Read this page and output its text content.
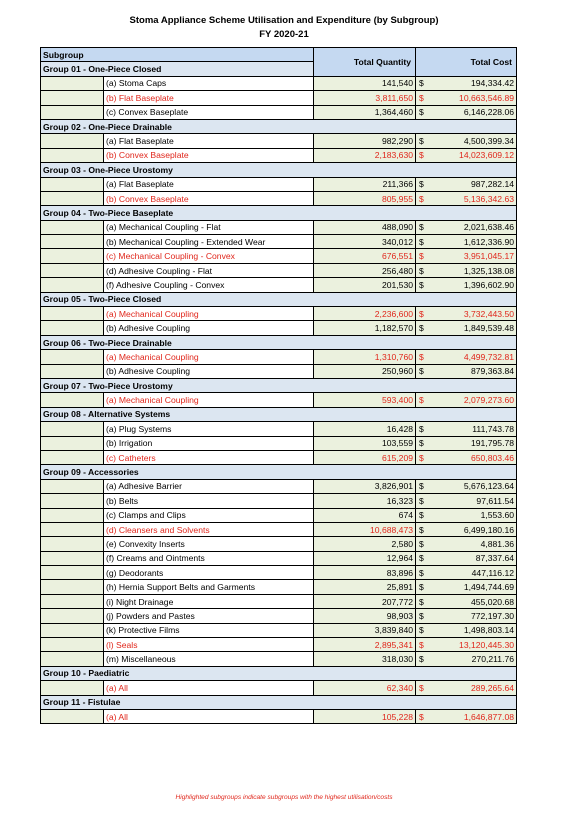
Stoma Appliance Scheme Utilisation and Expenditure (by Subgroup)
FY 2020-21
Subgroup		Total Quantity	Total Cost	
Group 01 - One-Piece Closed				
	(a) Stoma Caps	141,540	$	194,334.42
	(b) Flat Baseplate	3,811,650	$	10,663,546.89
	(c) Convex Baseplate	1,364,460	$	6,146,228.06
Group 02 - One-Piece Drainable				
	(a) Flat Baseplate	982,290	$	4,500,399.34
	(b) Convex Baseplate	2,183,630	$	14,023,609.12
Group 03 - One-Piece Urostomy				
	(a) Flat Baseplate	211,366	$	987,282.14
	(b) Convex Baseplate	805,955	$	5,136,342.63
Group 04 - Two-Piece Baseplate				
	(a) Mechanical Coupling - Flat	488,090	$	2,021,638.46
	(b) Mechanical Coupling - Extended Wear	340,012	$	1,612,336.90
	(c) Mechanical Coupling - Convex	676,551	$	3,951,045.17
	(d) Adhesive Coupling - Flat	256,480	$	1,325,138.08
	(f) Adhesive Coupling - Convex	201,530	$	1,396,602.90
Group 05 - Two-Piece Closed				
	(a) Mechanical Coupling	2,236,600	$	3,732,443.50
	(b) Adhesive Coupling	1,182,570	$	1,849,539.48
Group 06 - Two-Piece Drainable				
	(a) Mechanical Coupling	1,310,760	$	4,499,732.81
	(b) Adhesive Coupling	250,960	$	879,363.84
Group 07 - Two-Piece Urostomy				
	(a) Mechanical Coupling	593,400	$	2,079,273.60
Group 08 - Alternative Systems				
	(a) Plug Systems	16,428	$	111,743.78
	(b) Irrigation	103,559	$	191,795.78
	(c) Catheters	615,209	$	650,803.46
Group 09 - Accessories				
	(a) Adhesive Barrier	3,826,901	$	5,676,123.64
	(b) Belts	16,323	$	97,611.54
	(c) Clamps and Clips	674	$	1,553.60
	(d) Cleansers and Solvents	10,688,473	$	6,499,180.16
	(e) Convexity Inserts	2,580	$	4,881.36
	(f) Creams and Ointments	12,964	$	87,337.64
	(g) Deodorants	83,896	$	447,116.12
	(h) Hernia Support Belts and Garments	25,891	$	1,494,744.69
	(i) Night Drainage	207,772	$	455,020.68
	(j) Powders and Pastes	98,903	$	772,197.30
	(k) Protective Films	3,839,840	$	1,498,803.14
	(l) Seals	2,895,341	$	13,120,445.30
	(m) Miscellaneous	318,030	$	270,211.76
Group 10 - Paediatric				
	(a) All	62,340	$	289,265.64
Group 11 - Fistulae				
	(a) All	105,228	$	1,646,877.08
Highlighted subgroups indicate subgroups with the highest utilisation/costs
